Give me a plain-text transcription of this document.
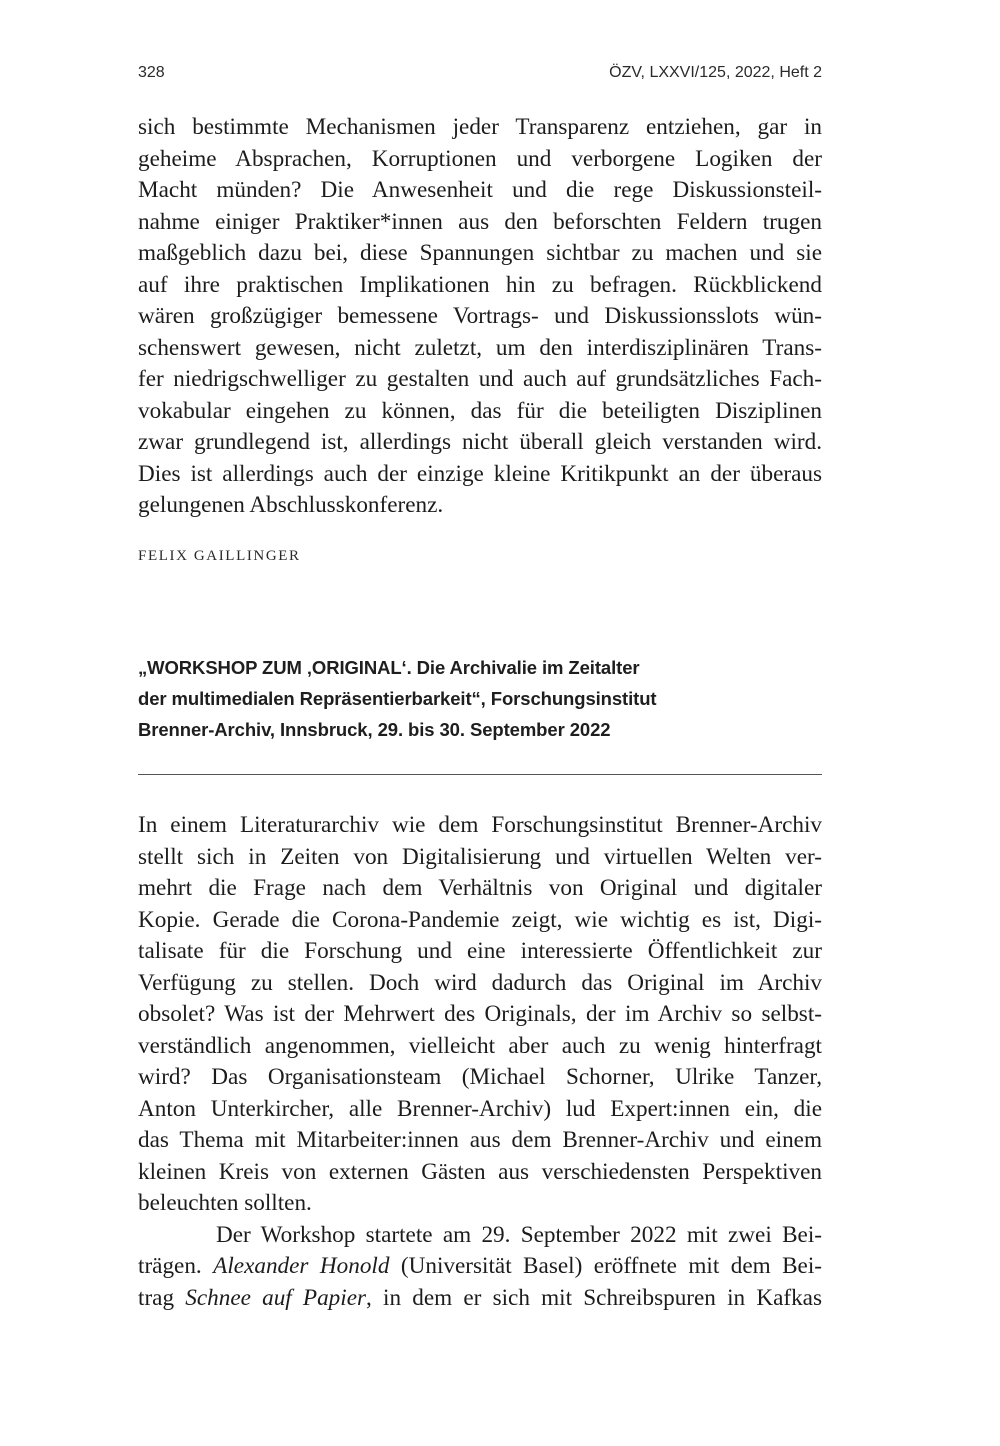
328	ÖZV, LXXVI/125, 2022, Heft 2
sich bestimmte Mechanismen jeder Transparenz entziehen, gar in
geheime Absprachen, Korruptionen und verborgene Logiken der
Macht münden? Die Anwesenheit und die rege Diskussionsteil-
nahme einiger Praktiker*innen aus den beforschten Feldern trugen
maßgeblich dazu bei, diese Spannungen sichtbar zu machen und sie
auf ihre praktischen Implikationen hin zu befragen. Rückblickend
wären großzügiger bemessene Vortrags- und Diskussionsslots wün-
schenswert gewesen, nicht zuletzt, um den interdisziplinären Trans-
fer niedrigschwelliger zu gestalten und auch auf grundsätzliches Fach-
vokabular eingehen zu können, das für die beteiligten Disziplinen
zwar grundlegend ist, allerdings nicht überall gleich verstanden wird.
Dies ist allerdings auch der einzige kleine Kritikpunkt an der überaus
gelungenen Abschlusskonferenz.
FELIX GAILLINGER
„WORKSHOP ZUM ‚ORIGINAL‘. Die Archivalie im Zeitalter
der multimedialen Repräsentierbarkeit“, Forschungsinstitut
Brenner-Archiv, Innsbruck, 29. bis 30. September 2022
In einem Literaturarchiv wie dem Forschungsinstitut Brenner-Archiv
stellt sich in Zeiten von Digitalisierung und virtuellen Welten ver-
mehrt die Frage nach dem Verhältnis von Original und digitaler
Kopie. Gerade die Corona-Pandemie zeigt, wie wichtig es ist, Digi-
talisate für die Forschung und eine interessierte Öffentlichkeit zur
Verfügung zu stellen. Doch wird dadurch das Original im Archiv
obsolet? Was ist der Mehrwert des Originals, der im Archiv so selbst-
verständlich angenommen, vielleicht aber auch zu wenig hinterfragt
wird? Das Organisationsteam (Michael Schorner, Ulrike Tanzer,
Anton Unterkircher, alle Brenner-Archiv) lud Expert:innen ein, die
das Thema mit Mitarbeiter:innen aus dem Brenner-Archiv und einem
kleinen Kreis von externen Gästen aus verschiedensten Perspektiven
beleuchten sollten.
Der Workshop startete am 29. September 2022 mit zwei Bei-
trägen. Alexander Honold (Universität Basel) eröffnete mit dem Bei-
trag Schnee auf Papier, in dem er sich mit Schreibspuren in Kafkas
